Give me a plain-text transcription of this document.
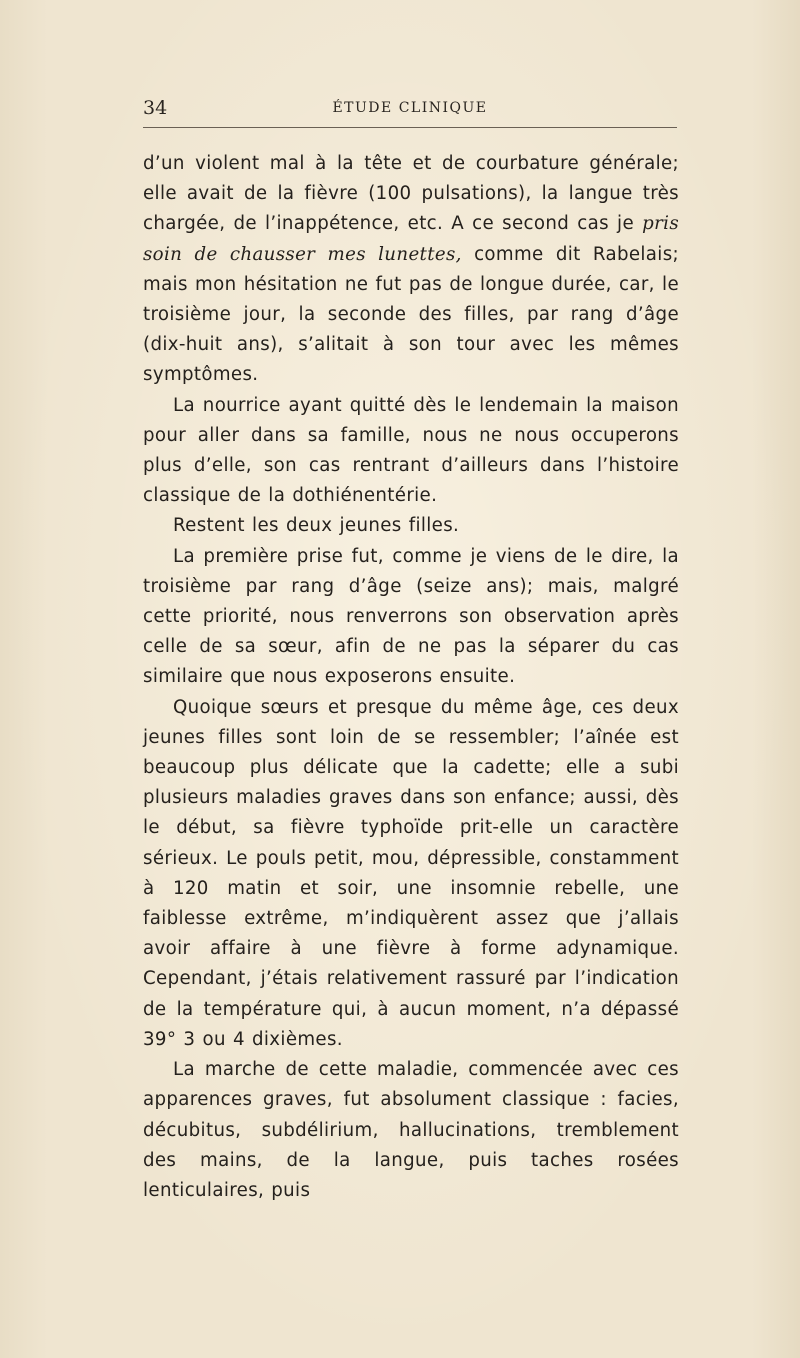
34	ÉTUDE CLINIQUE

d’un violent mal à la tête et de courbature générale; elle avait de la fièvre (100 pulsations), la langue très chargée, de l’inappétence, etc. A ce second cas je pris soin de chausser mes lunettes, comme dit Rabelais; mais mon hésitation ne fut pas de longue durée, car, le troisième jour, la seconde des filles, par rang d’âge (dix-huit ans), s’alitait à son tour avec les mêmes symptômes.

La nourrice ayant quitté dès le lendemain la maison pour aller dans sa famille, nous ne nous occuperons plus d’elle, son cas rentrant d’ailleurs dans l’histoire classique de la dothiénentérie.

Restent les deux jeunes filles.

La première prise fut, comme je viens de le dire, la troisième par rang d’âge (seize ans); mais, malgré cette priorité, nous renverrons son observation après celle de sa sœur, afin de ne pas la séparer du cas similaire que nous exposerons ensuite.

Quoique sœurs et presque du même âge, ces deux jeunes filles sont loin de se ressembler; l’aînée est beaucoup plus délicate que la cadette; elle a subi plusieurs maladies graves dans son enfance; aussi, dès le début, sa fièvre typhoïde prit-elle un caractère sérieux. Le pouls petit, mou, dépressible, constamment à 120 matin et soir, une insomnie rebelle, une faiblesse extrême, m’indiquèrent assez que j’allais avoir affaire à une fièvre à forme adynamique. Cependant, j’étais relativement rassuré par l’indication de la température qui, à aucun moment, n’a dépassé 39° 3 ou 4 dixièmes.

La marche de cette maladie, commencée avec ces apparences graves, fut absolument classique : facies, décubitus, subdélirium, hallucinations, tremblement des mains, de la langue, puis taches rosées lenticulaires, puis
